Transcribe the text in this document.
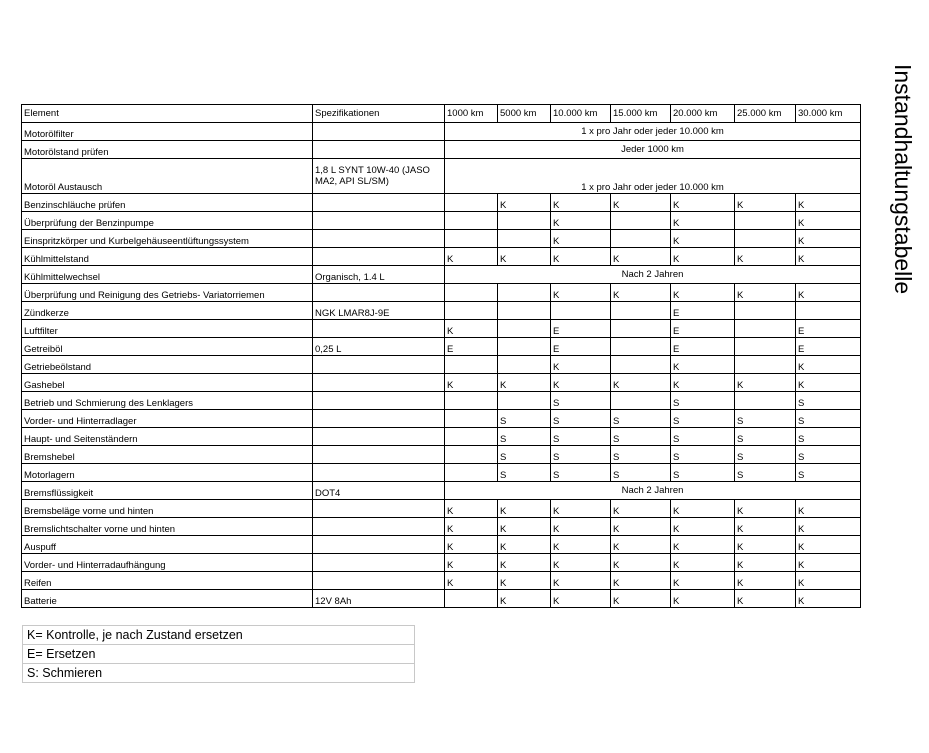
Instandhaltungstabelle
Element	Spezifikationen	1000 km	5000 km	10.000 km	15.000 km	20.000 km	25.000 km	30.000 km
Motorölfilter		1 x pro Jahr oder jeder 10.000 km						
Motorölstand prüfen		Jeder 1000 km						
Motoröl Austausch	1,8 L SYNT 10W-40 (JASO MA2, API SL/SM)	1 x pro Jahr oder jeder 10.000 km						
Benzinschläuche prüfen			K	K	K	K	K	K
Überprüfung der Benzinpumpe				K		K		K
Einspritzkörper und Kurbelgehäuseentlüftungssystem				K		K		K
Kühlmittelstand		K	K	K	K	K	K	K
Kühlmittelwechsel	Organisch, 1.4 L	Nach 2 Jahren						
Überprüfung und Reinigung des Getriebs- Variatorriemen				K	K	K	K	K
Zündkerze	NGK LMAR8J-9E					E		
Luftfilter		K		E		E		E
Getreiböl	0,25 L	E		E		E		E
Getriebeölstand				K		K		K
Gashebel		K	K	K	K	K	K	K
Betrieb und Schmierung des Lenklagers				S		S		S
Vorder- und Hinterradlager			S	S	S	S	S	S
Haupt- und Seitenständern			S	S	S	S	S	S
Bremshebel			S	S	S	S	S	S
Motorlagern			S	S	S	S	S	S
Bremsflüssigkeit	DOT4	Nach 2 Jahren						
Bremsbeläge vorne und hinten		K	K	K	K	K	K	K
Bremslichtschalter vorne und hinten		K	K	K	K	K	K	K
Auspuff		K	K	K	K	K	K	K
Vorder- und Hinterradaufhängung		K	K	K	K	K	K	K
Reifen		K	K	K	K	K	K	K
Batterie	12V 8Ah		K	K	K	K	K	K
K= Kontrolle, je nach Zustand ersetzen
E= Ersetzen
S: Schmieren
